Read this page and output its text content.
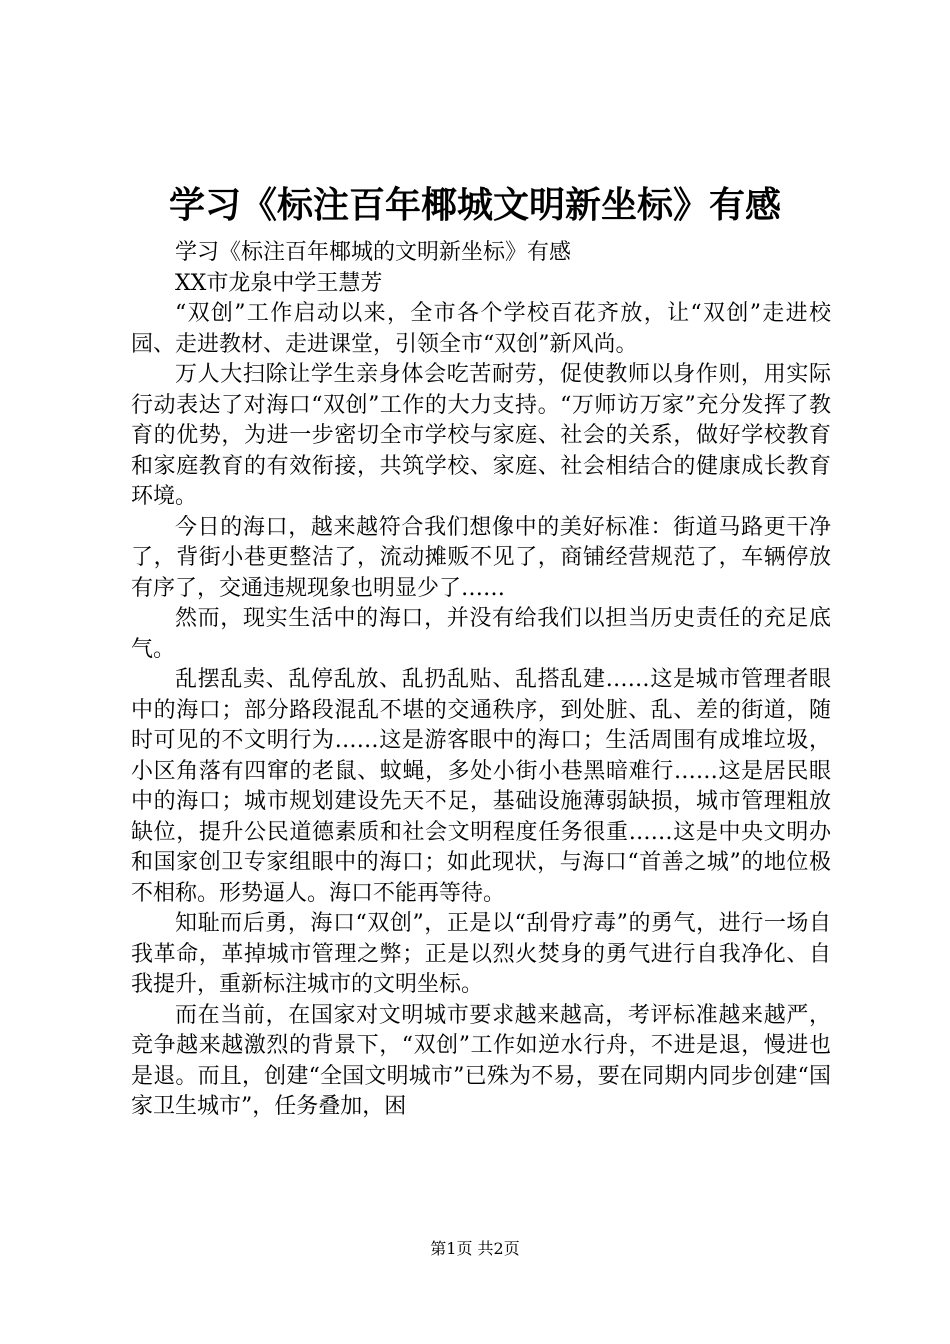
学习《标注百年椰城文明新坐标》有感

学习《标注百年椰城的文明新坐标》有感

XX市龙泉中学王慧芳

“双创”工作启动以来，全市各个学校百花齐放，让“双创”走进校园、走进教材、走进课堂，引领全市“双创”新风尚。

万人大扫除让学生亲身体会吃苦耐劳，促使教师以身作则，用实际行动表达了对海口“双创”工作的大力支持。“万师访万家”充分发挥了教育的优势，为进一步密切全市学校与家庭、社会的关系，做好学校教育和家庭教育的有效衔接，共筑学校、家庭、社会相结合的健康成长教育环境。

今日的海口，越来越符合我们想像中的美好标准：街道马路更干净了，背街小巷更整洁了，流动摊贩不见了，商铺经营规范了，车辆停放有序了，交通违规现象也明显少了……

然而，现实生活中的海口，并没有给我们以担当历史责任的充足底气。

乱摆乱卖、乱停乱放、乱扔乱贴、乱搭乱建……这是城市管理者眼中的海口；部分路段混乱不堪的交通秩序，到处脏、乱、差的街道，随时可见的不文明行为……这是游客眼中的海口；生活周围有成堆垃圾，小区角落有四窜的老鼠、蚊蝇，多处小街小巷黑暗难行……这是居民眼中的海口；城市规划建设先天不足，基础设施薄弱缺损，城市管理粗放缺位，提升公民道德素质和社会文明程度任务很重……这是中央文明办和国家创卫专家组眼中的海口；如此现状，与海口“首善之城”的地位极不相称。形势逼人。海口不能再等待。

知耻而后勇，海口“双创”，正是以“刮骨疗毒”的勇气，进行一场自我革命，革掉城市管理之弊；正是以烈火焚身的勇气进行自我净化、自我提升，重新标注城市的文明坐标。

而在当前，在国家对文明城市要求越来越高，考评标准越来越严，竞争越来越激烈的背景下，“双创”工作如逆水行舟，不进是退，慢进也是退。而且，创建“全国文明城市”已殊为不易，要在同期内同步创建“国家卫生城市”，任务叠加，困

第1页 共2页
